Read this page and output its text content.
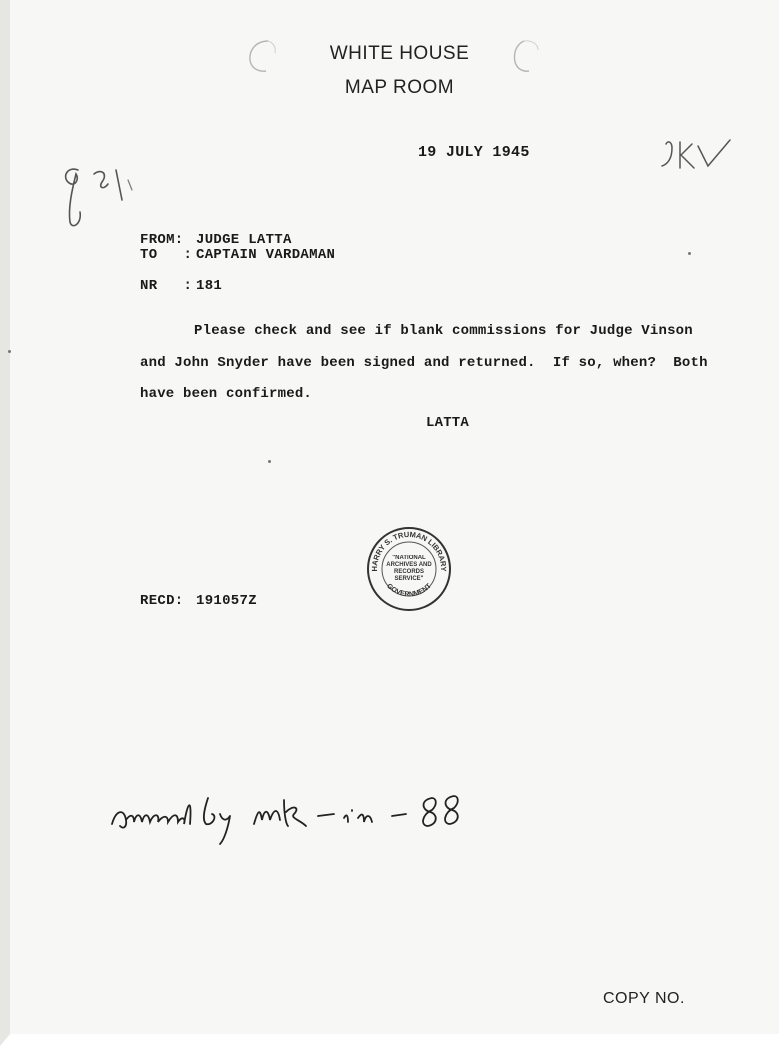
WHITE HOUSE
MAP ROOM
19 JULY 1945
FROM: JUDGE LATTA
TO   : CAPTAIN VARDAMAN
NR   : 181
Please check and see if blank commissions for Judge Vinson
and John Snyder have been signed and returned.  If so, when?  Both
have been confirmed.
LATTA
HARRY S. TRUMAN LIBRARY
GOVERNMENT
"NATIONAL ARCHIVES AND RECORDS SERVICE"
RECD: 191057Z
COPY NO.
